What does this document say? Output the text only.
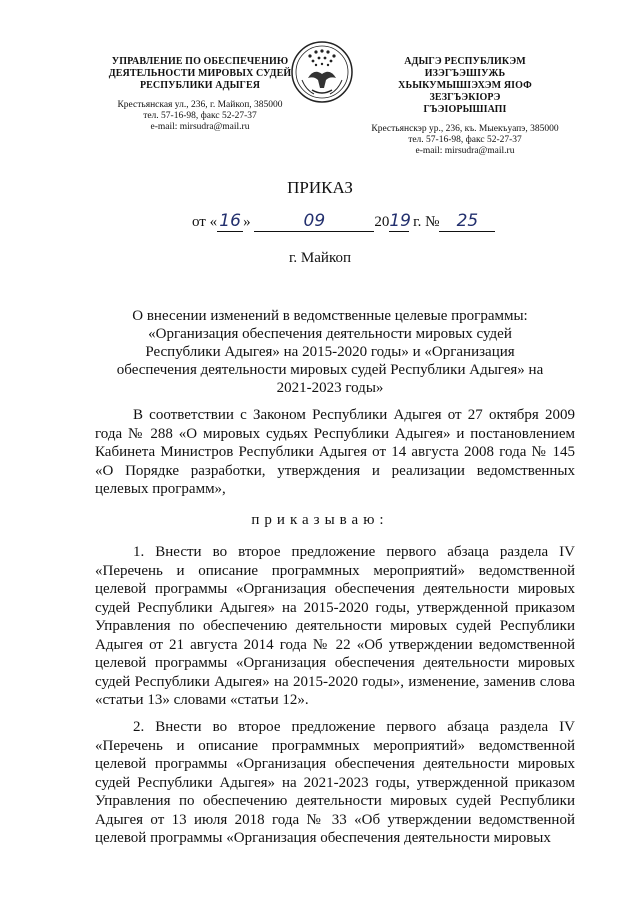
УПРАВЛЕНИЕ ПО ОБЕСПЕЧЕНИЮ
ДЕЯТЕЛЬНОСТИ МИРОВЫХ СУДЕЙ
РЕСПУБЛИКИ АДЫГЕЯ
Крестьянская ул., 236, г. Майкоп, 385000
тел. 57-16-98, факс 52-27-37
e-mail: mirsudra@mail.ru
АДЫГЭ РЕСПУБЛИКЭМ ИЗЭГЪЭШІУЖЬ
ХЬЫКУМЫШІЭХЭМ ЯІОФ ЗЕЗГЪЭКІОРЭ
ГЪЭІОРЫШІАПІ
Крестьянскэр ур., 236, къ. Мыекъуапэ, 385000
тел. 57-16-98, факс 52-27-37
e-mail: mirsudra@mail.ru
ПРИКАЗ
от « 16 »	09	2019 г. № 25
г. Майкоп
О внесении изменений в ведомственные целевые программы: «Организация обеспечения деятельности мировых судей Республики Адыгея» на 2015-2020 годы» и «Организация обеспечения деятельности мировых судей Республики Адыгея» на 2021-2023 годы»
В соответствии с Законом Республики Адыгея от 27 октября 2009 года № 288 «О мировых судьях Республики Адыгея» и постановлением Кабинета Министров Республики Адыгея от 14 августа 2008 года № 145 «О Порядке разработки, утверждения и реализации ведомственных целевых программ»,
приказываю:
1. Внести во второе предложение первого абзаца раздела IV «Перечень и описание программных мероприятий» ведомственной целевой программы «Организация обеспечения деятельности мировых судей Республики Адыгея» на 2015-2020 годы, утвержденной приказом Управления по обеспечению деятельности мировых судей Республики Адыгея от 21 августа 2014 года № 22 «Об утверждении ведомственной целевой программы «Организация обеспечения деятельности мировых судей Республики Адыгея» на 2015-2020 годы», изменение, заменив слова «статьи 13» словами «статьи 12».
2. Внести во второе предложение первого абзаца раздела IV «Перечень и описание программных мероприятий» ведомственной целевой программы «Организация обеспечения деятельности мировых судей Республики Адыгея» на 2021-2023 годы, утвержденной приказом Управления по обеспечению деятельности мировых судей Республики Адыгея от 13 июля 2018 года № 33 «Об утверждении ведомственной целевой программы «Организация обеспечения деятельности мировых
